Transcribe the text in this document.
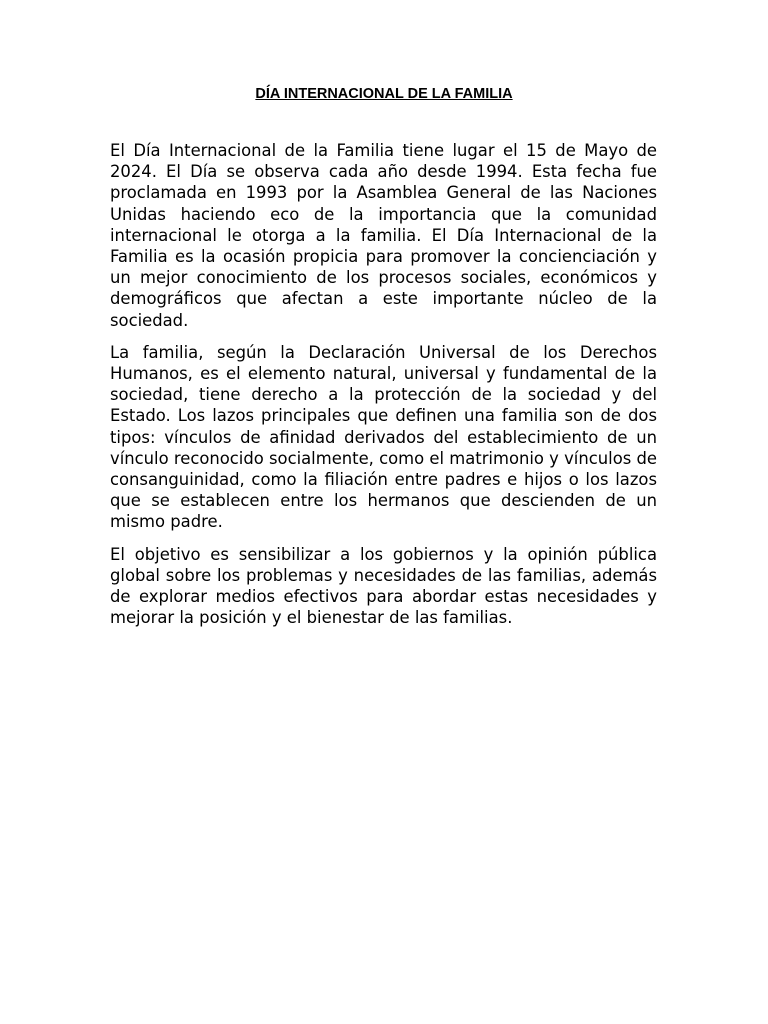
DÍA INTERNACIONAL DE LA FAMILIA

El Día Internacional de la Familia tiene lugar el 15 de Mayo de 2024. El Día se observa cada año desde 1994. Esta fecha fue proclamada en 1993 por la Asamblea General de las Naciones Unidas haciendo eco de la importancia que la comunidad internacional le otorga a la familia. El Día Internacional de la Familia es la ocasión propicia para promover la concienciación y un mejor conocimiento de los procesos sociales, económicos y demográficos que afectan a este importante núcleo de la sociedad.

La familia, según la Declaración Universal de los Derechos Humanos, es el elemento natural, universal y fundamental de la sociedad, tiene derecho a la protección de la sociedad y del Estado. Los lazos principales que definen una familia son de dos tipos: vínculos de afinidad derivados del establecimiento de un vínculo reconocido socialmente, como el matrimonio y vínculos de consanguinidad, como la filiación entre padres e hijos o los lazos que se establecen entre los hermanos que descienden de un mismo padre.

El objetivo es sensibilizar a los gobiernos y la opinión pública global sobre los problemas y necesidades de las familias, además de explorar medios efectivos para abordar estas necesidades y mejorar la posición y el bienestar de las familias.
